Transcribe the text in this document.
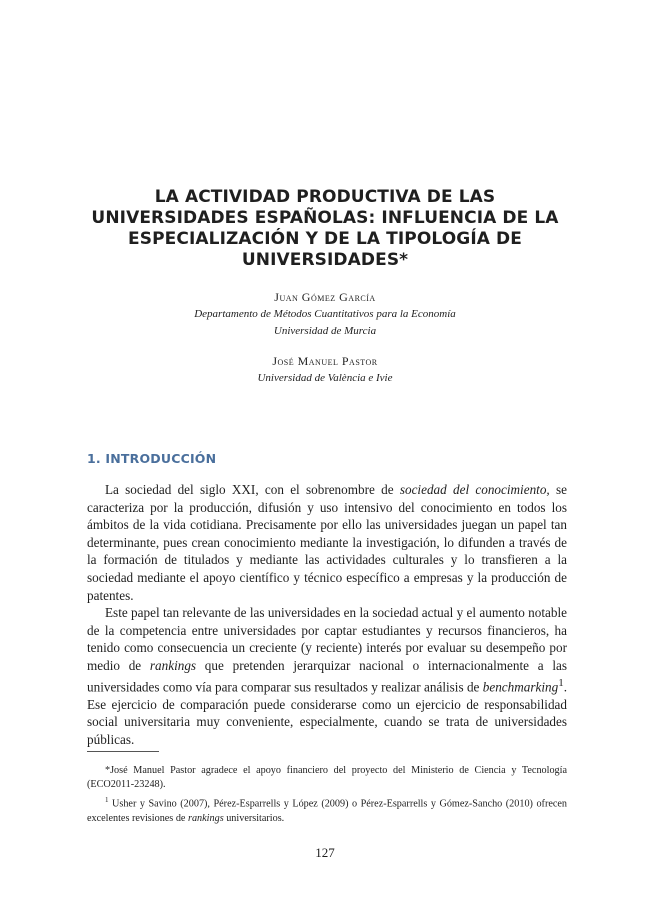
LA ACTIVIDAD PRODUCTIVA DE LAS
UNIVERSIDADES ESPAÑOLAS: INFLUENCIA DE LA
ESPECIALIZACIÓN Y DE LA TIPOLOGÍA DE
UNIVERSIDADES*
Juan Gómez García
Departamento de Métodos Cuantitativos para la Economía
Universidad de Murcia
José Manuel Pastor
Universidad de València e Ivie
1. INTRODUCCIÓN

La sociedad del siglo XXI, con el sobrenombre de sociedad del conocimiento, se caracteriza por la producción, difusión y uso intensivo del conocimiento en todos los ámbitos de la vida cotidiana. Precisamente por ello las universidades juegan un papel tan determinante, pues crean conocimiento mediante la investigación, lo difunden a través de la formación de titulados y mediante las actividades culturales y lo transfieren a la sociedad mediante el apoyo científico y técnico específico a empresas y la producción de patentes.

Este papel tan relevante de las universidades en la sociedad actual y el aumento notable de la competencia entre universidades por captar estudiantes y recursos financieros, ha tenido como consecuencia un creciente (y reciente) interés por evaluar su desempeño por medio de rankings que pretenden jerarquizar nacional o internacionalmente a las universidades como vía para comparar sus resultados y realizar análisis de benchmarking$^1$. Ese ejercicio de comparación puede considerarse como un ejercicio de responsabilidad social universitaria muy conveniente, especialmente, cuando se trata de universidades públicas.

*José Manuel Pastor agradece el apoyo financiero del proyecto del Ministerio de Ciencia y Tecnología (ECO2011-23248).

$^1$ Usher y Savino (2007), Pérez-Esparrells y López (2009) o Pérez-Esparrells y Gómez-Sancho (2010) ofrecen excelentes revisiones de rankings universitarios.

127
